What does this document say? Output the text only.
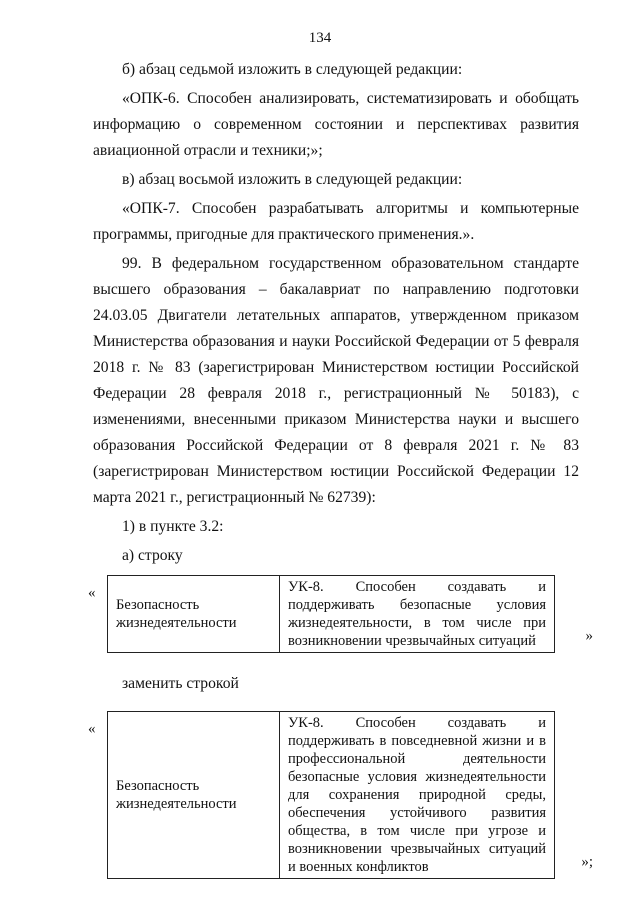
134

б) абзац седьмой изложить в следующей редакции:

«ОПК-6. Способен анализировать, систематизировать и обобщать информацию о современном состоянии и перспективах развития авиационной отрасли и техники;»;

в) абзац восьмой изложить в следующей редакции:

«ОПК-7. Способен разрабатывать алгоритмы и компьютерные программы, пригодные для практического применения.».

99. В федеральном государственном образовательном стандарте высшего образования – бакалавриат по направлению подготовки 24.03.05 Двигатели летательных аппаратов, утвержденном приказом Министерства образования и науки Российской Федерации от 5 февраля 2018 г. № 83 (зарегистрирован Министерством юстиции Российской Федерации 28 февраля 2018 г., регистрационный № 50183), с изменениями, внесенными приказом Министерства науки и высшего образования Российской Федерации от 8 февраля 2021 г. № 83 (зарегистрирован Министерством юстиции Российской Федерации 12 марта 2021 г., регистрационный № 62739):

1) в пункте 3.2:

а) строку

«
Безопасность жизнедеятельности	УК-8. Способен создавать и поддерживать безопасные условия жизнедеятельности, в том числе при возникновении чрезвычайных ситуаций	»

заменить строкой

«
Безопасность жизнедеятельности	УК-8. Способен создавать и поддерживать в повседневной жизни и в профессиональной деятельности безопасные условия жизнедеятельности для сохранения природной среды, обеспечения устойчивого развития общества, в том числе при угрозе и возникновении чрезвычайных ситуаций и военных конфликтов	»;
